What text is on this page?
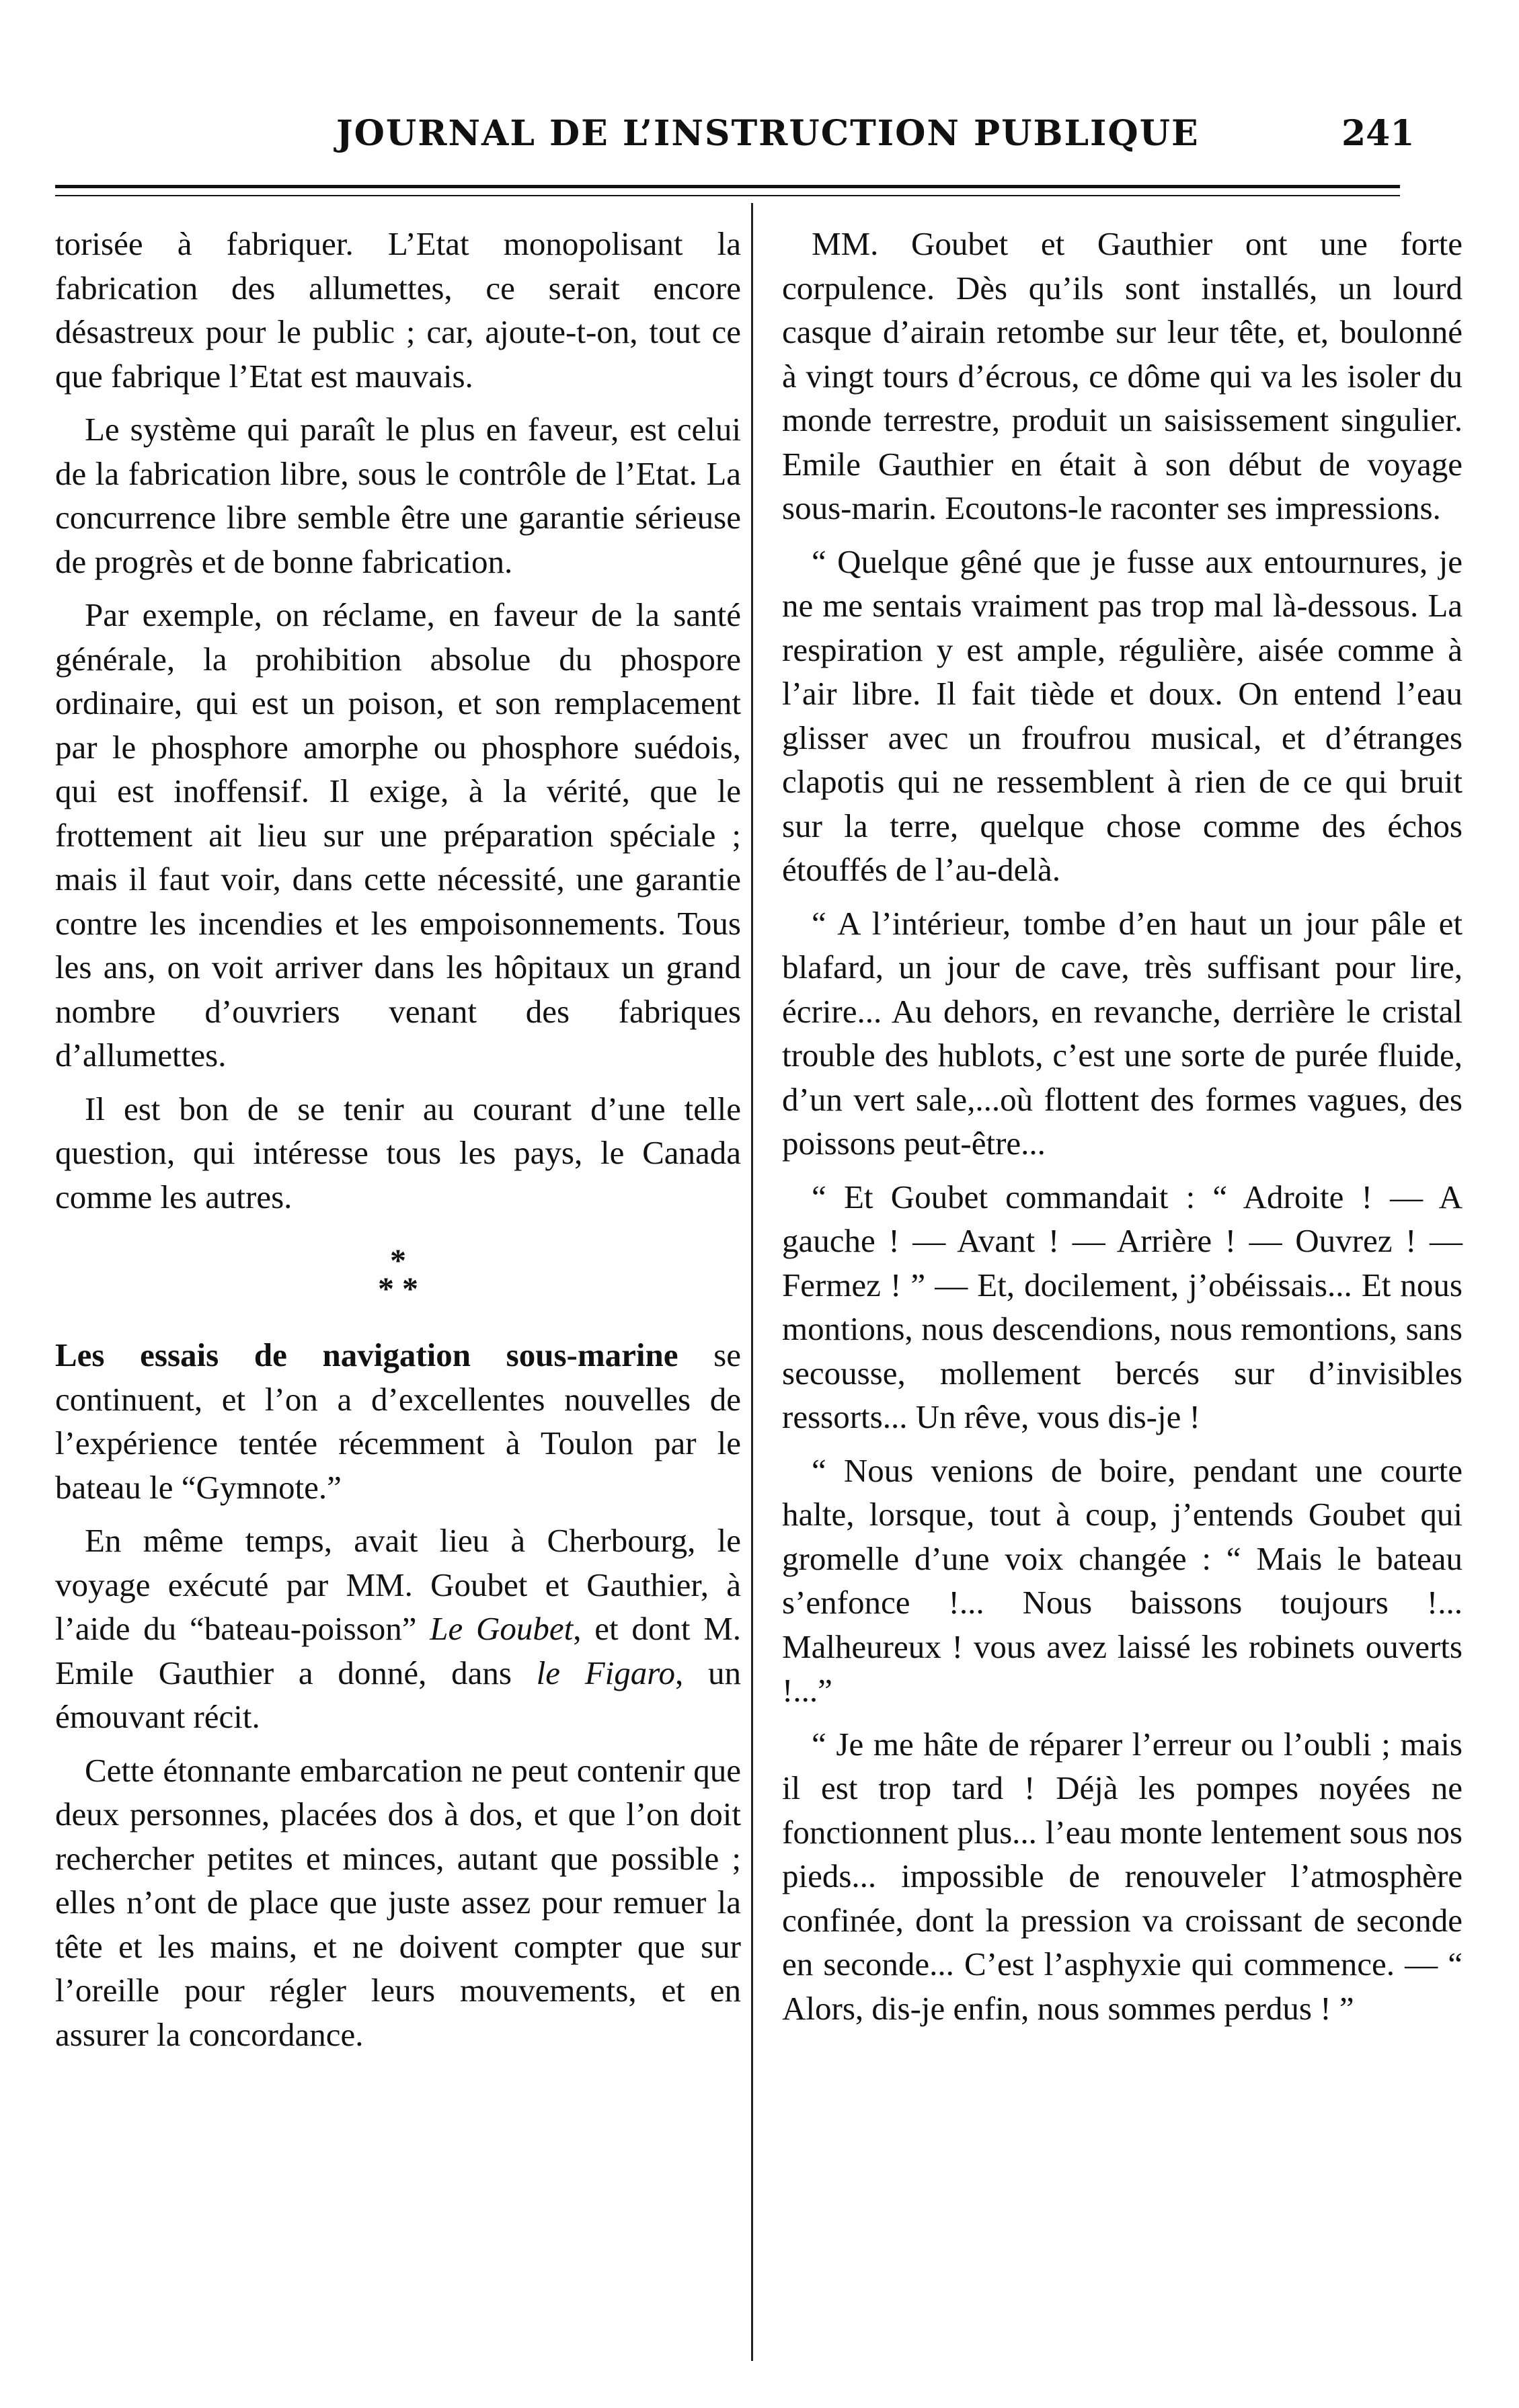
JOURNAL DE L’INSTRUCTION PUBLIQUE	241

torisée à fabriquer. L’Etat monopolisant la fabrication des allumettes, ce serait encore désastreux pour le public ; car, ajoute-t-on, tout ce que fabrique l’Etat est mauvais.

Le système qui paraît le plus en faveur, est celui de la fabrication libre, sous le contrôle de l’Etat. La concurrence libre semble être une garantie sérieuse de progrès et de bonne fabrication.

Par exemple, on réclame, en faveur de la santé générale, la prohibition absolue du phospore ordinaire, qui est un poison, et son remplacement par le phosphore amorphe ou phosphore suédois, qui est inoffensif. Il exige, à la vérité, que le frottement ait lieu sur une préparation spéciale ; mais il faut voir, dans cette nécessité, une garantie contre les incendies et les empoisonnements. Tous les ans, on voit arriver dans les hôpitaux un grand nombre d’ouvriers venant des fabriques d’allumettes.

Il est bon de se tenir au courant d’une telle question, qui intéresse tous les pays, le Canada comme les autres.

*
* *

Les essais de navigation sous-marine se continuent, et l’on a d’excellentes nouvelles de l’expérience tentée récemment à Toulon par le bateau le “Gymnote.”

En même temps, avait lieu à Cherbourg, le voyage exécuté par MM. Goubet et Gauthier, à l’aide du “bateau-poisson” Le Goubet, et dont M. Emile Gauthier a donné, dans le Figaro, un émouvant récit.

Cette étonnante embarcation ne peut contenir que deux personnes, placées dos à dos, et que l’on doit rechercher petites et minces, autant que possible ; elles n’ont de place que juste assez pour remuer la tête et les mains, et ne doivent compter que sur l’oreille pour régler leurs mouvements, et en assurer la concordance.

MM. Goubet et Gauthier ont une forte corpulence. Dès qu’ils sont installés, un lourd casque d’airain retombe sur leur tête, et, boulonné à vingt tours d’écrous, ce dôme qui va les isoler du monde terrestre, produit un saisissement singulier. Emile Gauthier en était à son début de voyage sous-marin. Ecoutons-le raconter ses impressions.

“ Quelque gêné que je fusse aux entournures, je ne me sentais vraiment pas trop mal là-dessous. La respiration y est ample, régulière, aisée comme à l’air libre. Il fait tiède et doux. On entend l’eau glisser avec un froufrou musical, et d’étranges clapotis qui ne ressemblent à rien de ce qui bruit sur la terre, quelque chose comme des échos étouffés de l’au-delà.

“ A l’intérieur, tombe d’en haut un jour pâle et blafard, un jour de cave, très suffisant pour lire, écrire... Au dehors, en revanche, derrière le cristal trouble des hublots, c’est une sorte de purée fluide, d’un vert sale,...où flottent des formes vagues, des poissons peut-être...

“ Et Goubet commandait : “ Adroite ! — A gauche ! — Avant ! — Arrière ! — Ouvrez ! — Fermez ! ” — Et, docilement, j’obéissais... Et nous montions, nous descendions, nous remontions, sans secousse, mollement bercés sur d’invisibles ressorts... Un rêve, vous dis-je !

“ Nous venions de boire, pendant une courte halte, lorsque, tout à coup, j’entends Goubet qui gromelle d’une voix changée : “ Mais le bateau s’enfonce !... Nous baissons toujours !... Malheureux ! vous avez laissé les robinets ouverts !...”

“ Je me hâte de réparer l’erreur ou l’oubli ; mais il est trop tard ! Déjà les pompes noyées ne fonctionnent plus... l’eau monte lentement sous nos pieds... impossible de renouveler l’atmosphère confinée, dont la pression va croissant de seconde en seconde... C’est l’asphyxie qui commence. — “ Alors, dis-je enfin, nous sommes perdus ! ”
